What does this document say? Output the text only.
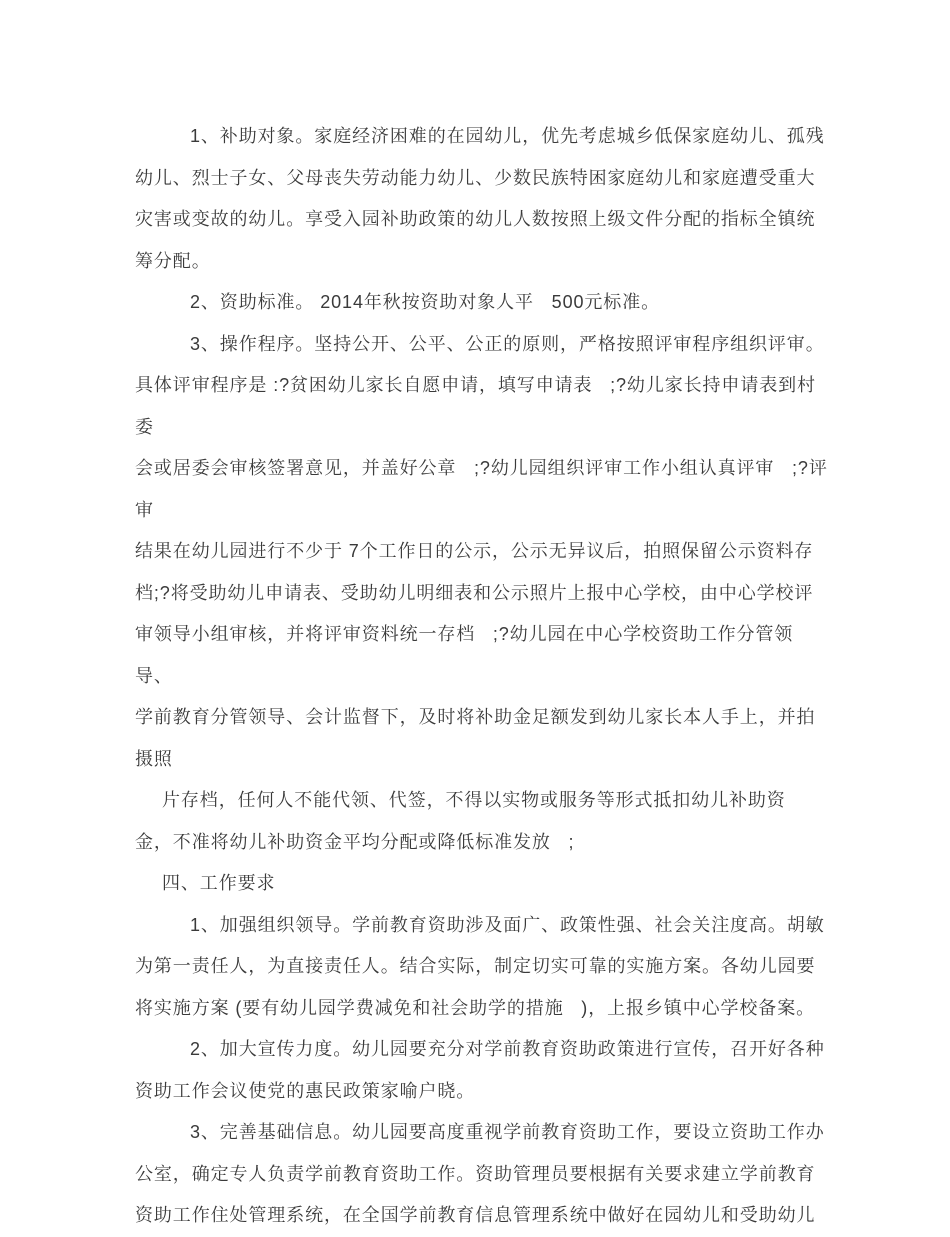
1、补助对象。家庭经济困难的在园幼儿，优先考虑城乡低保家庭幼儿、孤残
幼儿、烈士子女、父母丧失劳动能力幼儿、少数民族特困家庭幼儿和家庭遭受重大
灾害或变故的幼儿。享受入园补助政策的幼儿人数按照上级文件分配的指标全镇统
筹分配。
2、资助标准。 2014年秋按资助对象人平   500元标准。
3、操作程序。坚持公开、公平、公正的原则，严格按照评审程序组织评审。
具体评审程序是 :?贫困幼儿家长自愿申请，填写申请表   ;?幼儿家长持申请表到村委
会或居委会审核签署意见，并盖好公章   ;?幼儿园组织评审工作小组认真评审   ;?评审
结果在幼儿园进行不少于 7个工作日的公示，公示无异议后，拍照保留公示资料存
档;?将受助幼儿申请表、受助幼儿明细表和公示照片上报中心学校，由中心学校评
审领导小组审核，并将评审资料统一存档   ;?幼儿园在中心学校资助工作分管领导、
学前教育分管领导、会计监督下，及时将补助金足额发到幼儿家长本人手上，并拍
摄照
片存档，任何人不能代领、代签，不得以实物或服务等形式抵扣幼儿补助资
金，不准将幼儿补助资金平均分配或降低标准发放   ;
四、工作要求
1、加强组织领导。学前教育资助涉及面广、政策性强、社会关注度高。胡敏
为第一责任人，为直接责任人。结合实际，制定切实可靠的实施方案。各幼儿园要
将实施方案 (要有幼儿园学费减免和社会助学的措施   )，上报乡镇中心学校备案。
2、加大宣传力度。幼儿园要充分对学前教育资助政策进行宣传，召开好各种
资助工作会议使党的惠民政策家喻户晓。
3、完善基础信息。幼儿园要高度重视学前教育资助工作，要设立资助工作办
公室，确定专人负责学前教育资助工作。资助管理员要根据有关要求建立学前教育
资助工作住处管理系统，在全国学前教育信息管理系统中做好在园幼儿和受助幼儿
